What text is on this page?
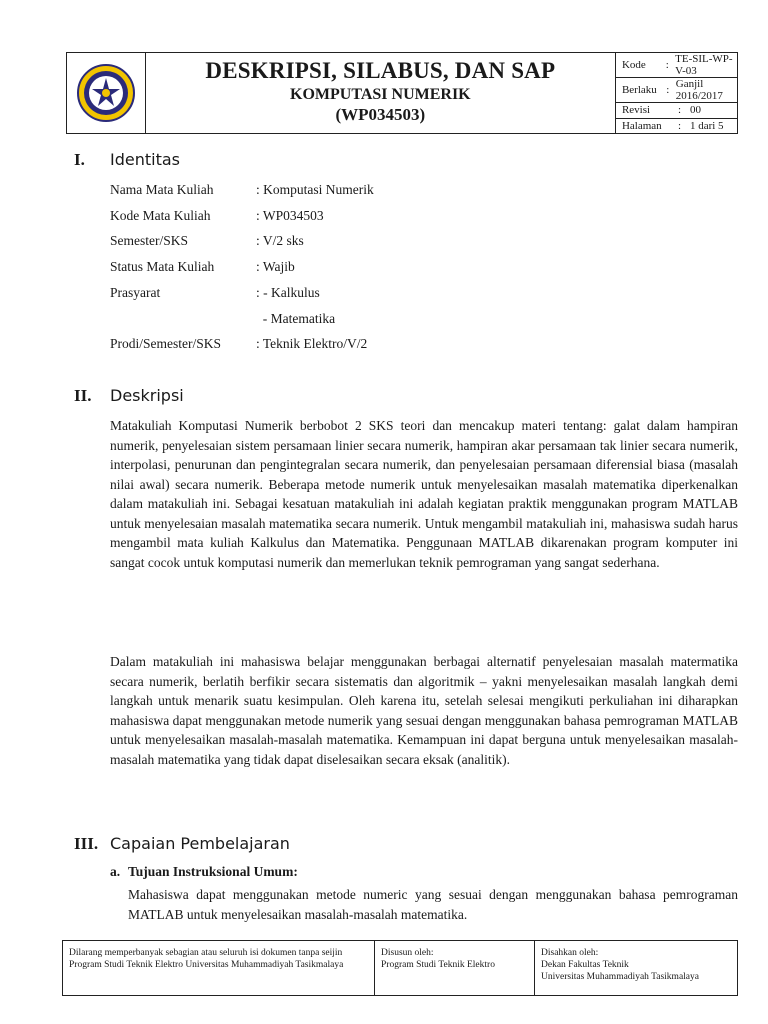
DESKRIPSI, SILABUS, DAN SAP
KOMPUTASI NUMERIK
(WP034503)
Kode	: TE-SIL-WP-V-03
Berlaku : Ganjil 2016/2017
Revisi	: 00
Halaman	: 1 dari 5
I. Identitas
Nama Mata Kuliah	: Komputasi Numerik
Kode Mata Kuliah	: WP034503
Semester/SKS	: V/2 sks
Status Mata Kuliah	: Wajib
Prasyarat	: - Kalkulus
- Matematika
Prodi/Semester/SKS	: Teknik Elektro/V/2
II. Deskripsi
Matakuliah Komputasi Numerik berbobot 2 SKS teori dan mencakup materi tentang: galat dalam hampiran numerik, penyelesaian sistem persamaan linier secara numerik, hampiran akar persamaan tak linier secara numerik, interpolasi, penurunan dan pengintegralan secara numerik, dan penyelesaian persamaan diferensial biasa (masalah nilai awal) secara numerik. Beberapa metode numerik untuk menyelesaikan masalah matematika diperkenalkan dalam matakuliah ini. Sebagai kesatuan matakuliah ini adalah kegiatan praktik menggunakan program MATLAB untuk menyelesaian masalah matematika secara numerik. Untuk mengambil matakuliah ini, mahasiswa sudah harus mengambil mata kuliah Kalkulus dan Matematika. Penggunaan MATLAB dikarenakan program komputer ini sangat cocok untuk komputasi numerik dan memerlukan teknik pemrograman yang sangat sederhana.
Dalam matakuliah ini mahasiswa belajar menggunakan berbagai alternatif penyelesaian masalah matermatika secara numerik, berlatih berfikir secara sistematis dan algoritmik – yakni menyelesaikan masalah langkah demi langkah untuk menarik suatu kesimpulan. Oleh karena itu, setelah selesai mengikuti perkuliahan ini diharapkan mahasiswa dapat menggunakan metode numerik yang sesuai dengan menggunakan bahasa pemrograman MATLAB untuk menyelesaikan masalah-masalah matematika. Kemampuan ini dapat berguna untuk menyelesaikan masalah-masalah matematika yang tidak dapat diselesaikan secara eksak (analitik).
III. Capaian Pembelajaran
a. Tujuan Instruksional Umum:
Mahasiswa dapat menggunakan metode numeric yang sesuai dengan menggunakan bahasa pemrograman MATLAB untuk menyelesaikan masalah-masalah matematika.
Dilarang memperbanyak sebagian atau seluruh isi dokumen tanpa seijin Program Studi Teknik Elektro Universitas Muhammadiyah Tasikmalaya
Disusun oleh:
Program Studi Teknik Elektro
Disahkan oleh:
Dekan Fakultas Teknik
Universitas Muhammadiyah Tasikmalaya
